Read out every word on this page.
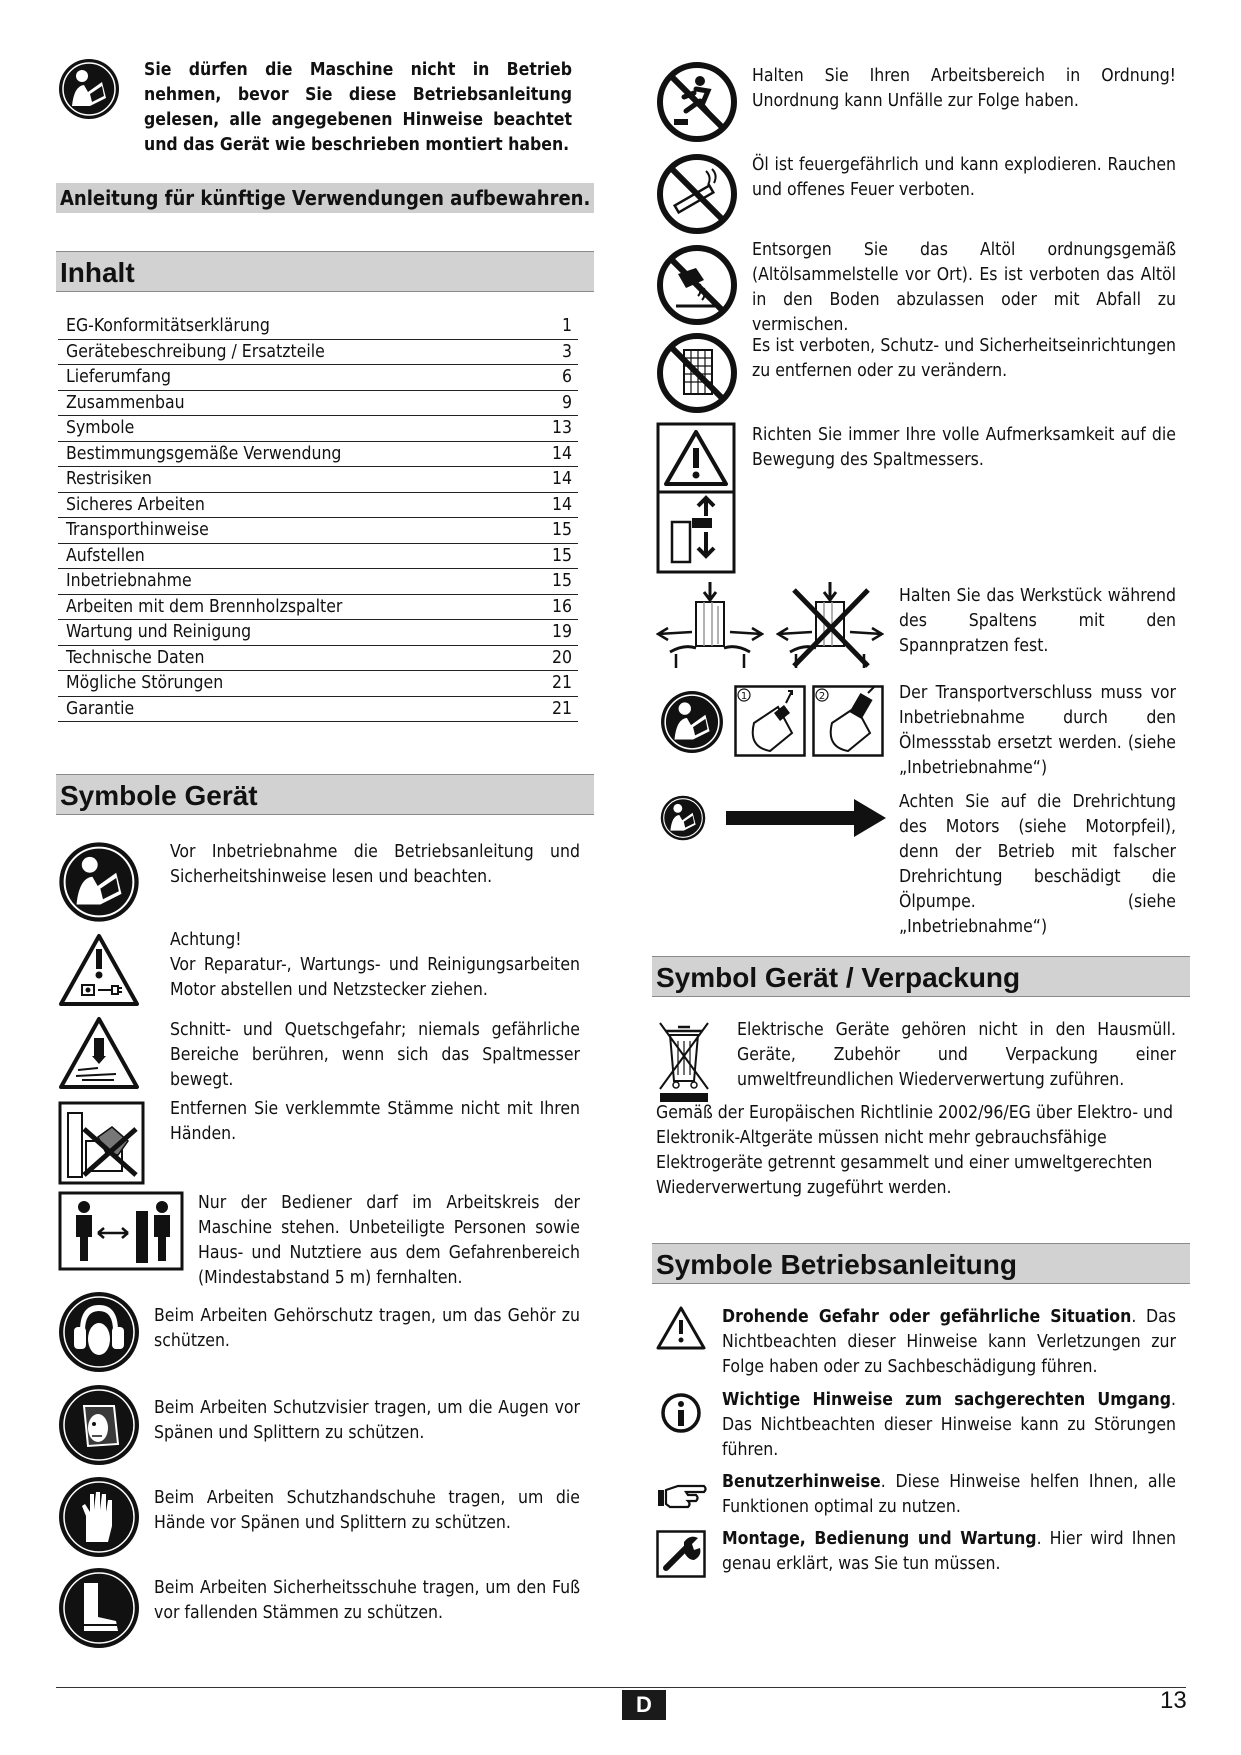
Sie dürfen die Maschine nicht in Betrieb nehmen, bevor Sie diese Betriebsanleitung gelesen, alle angegebenen Hinweise beachtet und das Gerät wie beschrieben montiert haben.
Anleitung für künftige Verwendungen aufbewahren.
Inhalt
EG-Konformitätserklärung	1
Gerätebeschreibung / Ersatzteile	3
Lieferumfang	6
Zusammenbau	9
Symbole	13
Bestimmungsgemäße Verwendung	14
Restrisiken	14
Sicheres Arbeiten	14
Transporthinweise	15
Aufstellen	15
Inbetriebnahme	15
Arbeiten mit dem Brennholzspalter	16
Wartung und Reinigung	19
Technische Daten	20
Mögliche Störungen	21
Garantie	21
Symbole Gerät
Vor Inbetriebnahme die Betriebsanleitung und Sicherheitshinweise lesen und beachten.
Achtung!
Vor Reparatur-, Wartungs- und Reinigungsarbeiten Motor abstellen und Netzstecker ziehen.
Schnitt- und Quetschgefahr; niemals gefährliche Bereiche berühren, wenn sich das Spaltmesser bewegt.
Entfernen Sie verklemmte Stämme nicht mit Ihren Händen.
Nur der Bediener darf im Arbeitskreis der Maschine stehen. Unbeteiligte Personen sowie Haus- und Nutztiere aus dem Gefahrenbereich (Mindestabstand 5 m) fernhalten.
Beim Arbeiten Gehörschutz tragen, um das Gehör zu schützen.
Beim Arbeiten Schutzvisier tragen, um die Augen vor Spänen und Splittern zu schützen.
Beim Arbeiten Schutzhandschuhe tragen, um die Hände vor Spänen und Splittern zu schützen.
Beim Arbeiten Sicherheitsschuhe tragen, um den Fuß vor fallenden Stämmen zu schützen.
Halten Sie Ihren Arbeitsbereich in Ordnung! Unordnung kann Unfälle zur Folge haben.
Öl ist feuergefährlich und kann explodieren. Rauchen und offenes Feuer verboten.
Entsorgen Sie das Altöl ordnungsgemäß (Altölsammelstelle vor Ort). Es ist verboten das Altöl in den Boden abzulassen oder mit Abfall zu vermischen.
Es ist verboten, Schutz- und Sicherheitseinrichtungen zu entfernen oder zu verändern.
Richten Sie immer Ihre volle Aufmerksamkeit auf die Bewegung des Spaltmessers.
Halten Sie das Werkstück während des Spaltens mit den Spannpratzen fest.
1	2	Der Transportverschluss muss vor Inbetriebnahme durch den Ölmessstab ersetzt werden. (siehe „Inbetriebnahme“)
Achten Sie auf die Drehrichtung des Motors (siehe Motorpfeil), denn der Betrieb mit falscher Drehrichtung beschädigt die Ölpumpe. (siehe „Inbetriebnahme“)
Symbol Gerät / Verpackung
Elektrische Geräte gehören nicht in den Hausmüll. Geräte, Zubehör und Verpackung einer umweltfreundlichen Wiederverwertung zuführen.
Gemäß der Europäischen Richtlinie 2002/96/EG über Elektro- und Elektronik-Altgeräte müssen nicht mehr gebrauchsfähige Elektrogeräte getrennt gesammelt und einer umweltgerechten Wiederverwertung zugeführt werden.
Symbole Betriebsanleitung
Drohende Gefahr oder gefährliche Situation. Das Nichtbeachten dieser Hinweise kann Verletzungen zur Folge haben oder zu Sachbeschädigung führen.
Wichtige Hinweise zum sachgerechten Umgang. Das Nichtbeachten dieser Hinweise kann zu Störungen führen.
Benutzerhinweise. Diese Hinweise helfen Ihnen, alle Funktionen optimal zu nutzen.
Montage, Bedienung und Wartung. Hier wird Ihnen genau erklärt, was Sie tun müssen.
D	13
